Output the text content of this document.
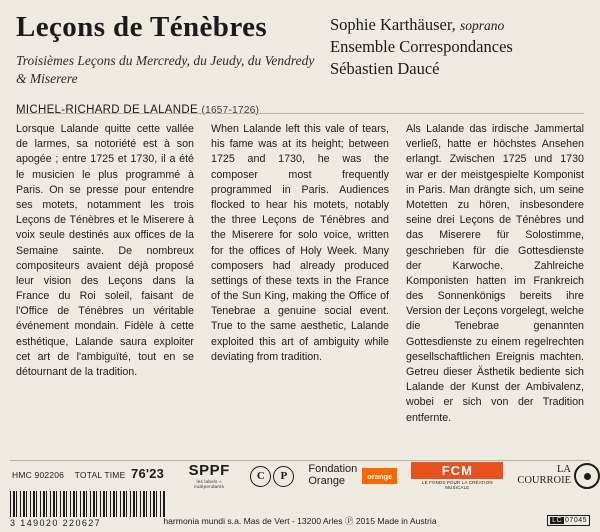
Leçons de Ténèbres
Troisièmes Leçons du Mercredy, du Jeudy, du Vendredy & Miserere
MICHEL-RICHARD DE LALANDE (1657-1726)
Sophie Karthäuser, soprano
Ensemble Correspondances
Sébastien Daucé

Lorsque Lalande quitte cette vallée de larmes, sa notoriété est à son apogée ; entre 1725 et 1730, il a été le musicien le plus programmé à Paris. On se presse pour entendre ses motets, notamment les trois Leçons de Ténèbres et le Miserere à voix seule destinés aux offices de la Semaine sainte. De nombreux compositeurs avaient déjà proposé leur vision des Leçons dans la France du Roi soleil, faisant de l'Office de Ténèbres un véritable événement mondain. Fidèle à cette esthétique, Lalande saura exploiter cet art de l'ambiguïté, tout en se détournant de la tradition.

When Lalande left this vale of tears, his fame was at its height; between 1725 and 1730, he was the composer most frequently programmed in Paris. Audiences flocked to hear his motets, notably the three Leçons de Ténèbres and the Miserere for solo voice, written for the offices of Holy Week. Many composers had already produced settings of these texts in the France of the Sun King, making the Office of Tenebrae a genuine social event. True to the same aesthetic, Lalande exploited this art of ambiguity while deviating from tradition.

Als Lalande das irdische Jammertal verließ, hatte er höchstes Ansehen erlangt. Zwischen 1725 und 1730 war er der meistgespielte Komponist in Paris. Man drängte sich, um seine Motetten zu hören, insbesondere seine drei Leçons de Ténèbres und das Miserere für Solostimme, geschrieben für die Gottesdienste der Karwoche. Zahlreiche Komponisten hatten im Frankreich des Sonnenkönigs bereits ihre Version der Leçons vorgelegt, welche die Tenebrae genannten Gottesdienste zu einem regelrechten gesellschaftlichen Ereignis machten. Getreu dieser Ästhetik bediente sich Lalande der Kunst der Ambivalenz, wobei er sich von der Tradition entfernte.

HMC 902206 TOTAL TIME 76'23	SPPF
les labels « indépendants
C	P
Fondation
Orange	orange	FCM
LE FONDS POUR LA CRÉATION MUSICALE
LA
COURROIE
3 149020 220627	harmonia mundi s.a. Mas de Vert - 13200 Arles Ⓟ 2015 Made in Austria	LC 07045
